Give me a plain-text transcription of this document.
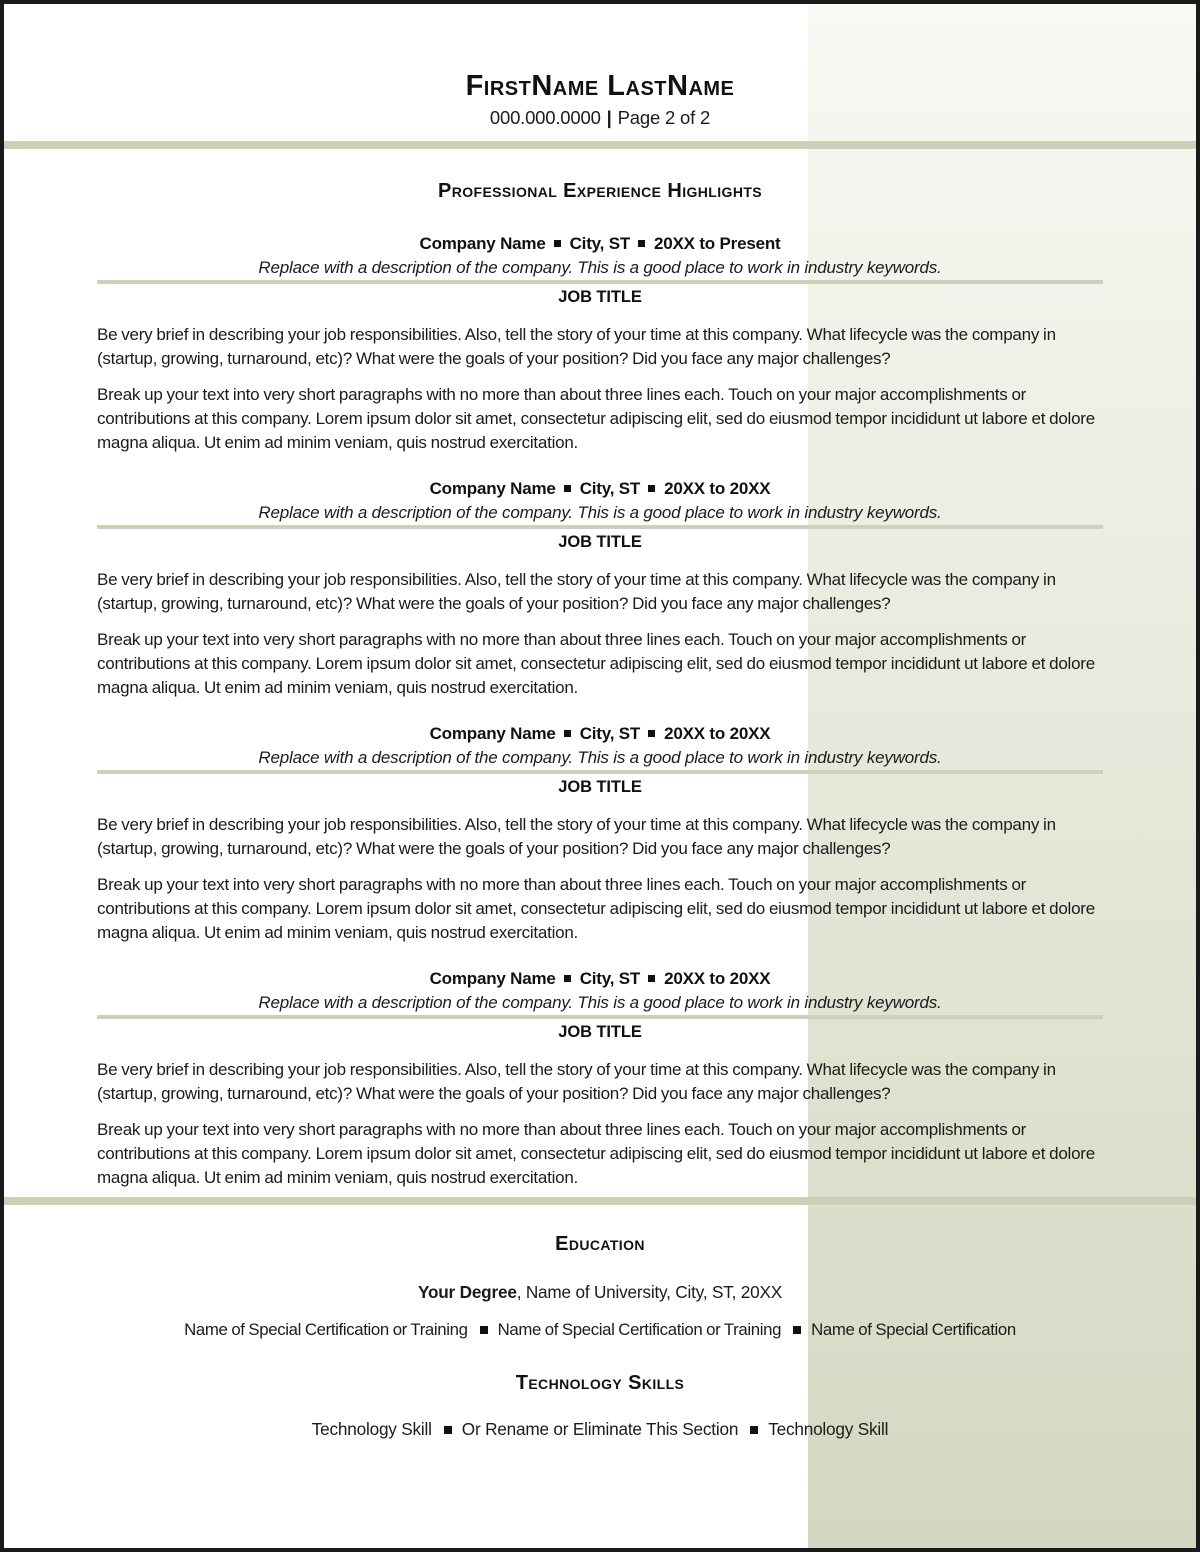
FirstName LastName
000.000.0000 | Page 2 of 2
Professional Experience Highlights
Company Name City, ST 20XX to Present
Replace with a description of the company. This is a good place to work in industry keywords.
JOB TITLE

Be very brief in describing your job responsibilities. Also, tell the story of your time at this company. What lifecycle was the company in (startup, growing, turnaround, etc)? What were the goals of your position? Did you face any major challenges?

Break up your text into very short paragraphs with no more than about three lines each. Touch on your major accomplishments or contributions at this company. Lorem ipsum dolor sit amet, consectetur adipiscing elit, sed do eiusmod tempor incididunt ut labore et dolore magna aliqua. Ut enim ad minim veniam, quis nostrud exercitation.

Company Name City, ST 20XX to 20XX
Replace with a description of the company. This is a good place to work in industry keywords.
JOB TITLE

Be very brief in describing your job responsibilities. Also, tell the story of your time at this company. What lifecycle was the company in (startup, growing, turnaround, etc)? What were the goals of your position? Did you face any major challenges?

Break up your text into very short paragraphs with no more than about three lines each. Touch on your major accomplishments or contributions at this company. Lorem ipsum dolor sit amet, consectetur adipiscing elit, sed do eiusmod tempor incididunt ut labore et dolore magna aliqua. Ut enim ad minim veniam, quis nostrud exercitation.

Company Name City, ST 20XX to 20XX
Replace with a description of the company. This is a good place to work in industry keywords.
JOB TITLE

Be very brief in describing your job responsibilities. Also, tell the story of your time at this company. What lifecycle was the company in (startup, growing, turnaround, etc)? What were the goals of your position? Did you face any major challenges?

Break up your text into very short paragraphs with no more than about three lines each. Touch on your major accomplishments or contributions at this company. Lorem ipsum dolor sit amet, consectetur adipiscing elit, sed do eiusmod tempor incididunt ut labore et dolore magna aliqua. Ut enim ad minim veniam, quis nostrud exercitation.

Company Name City, ST 20XX to 20XX
Replace with a description of the company. This is a good place to work in industry keywords.
JOB TITLE

Be very brief in describing your job responsibilities. Also, tell the story of your time at this company. What lifecycle was the company in (startup, growing, turnaround, etc)? What were the goals of your position? Did you face any major challenges?

Break up your text into very short paragraphs with no more than about three lines each. Touch on your major accomplishments or contributions at this company. Lorem ipsum dolor sit amet, consectetur adipiscing elit, sed do eiusmod tempor incididunt ut labore et dolore magna aliqua. Ut enim ad minim veniam, quis nostrud exercitation.

Education
Your Degree, Name of University, City, ST, 20XX
Name of Special Certification or Training Name of Special Certification or Training Name of Special Certification
Technology Skills
Technology Skill Or Rename or Eliminate This Section Technology Skill
